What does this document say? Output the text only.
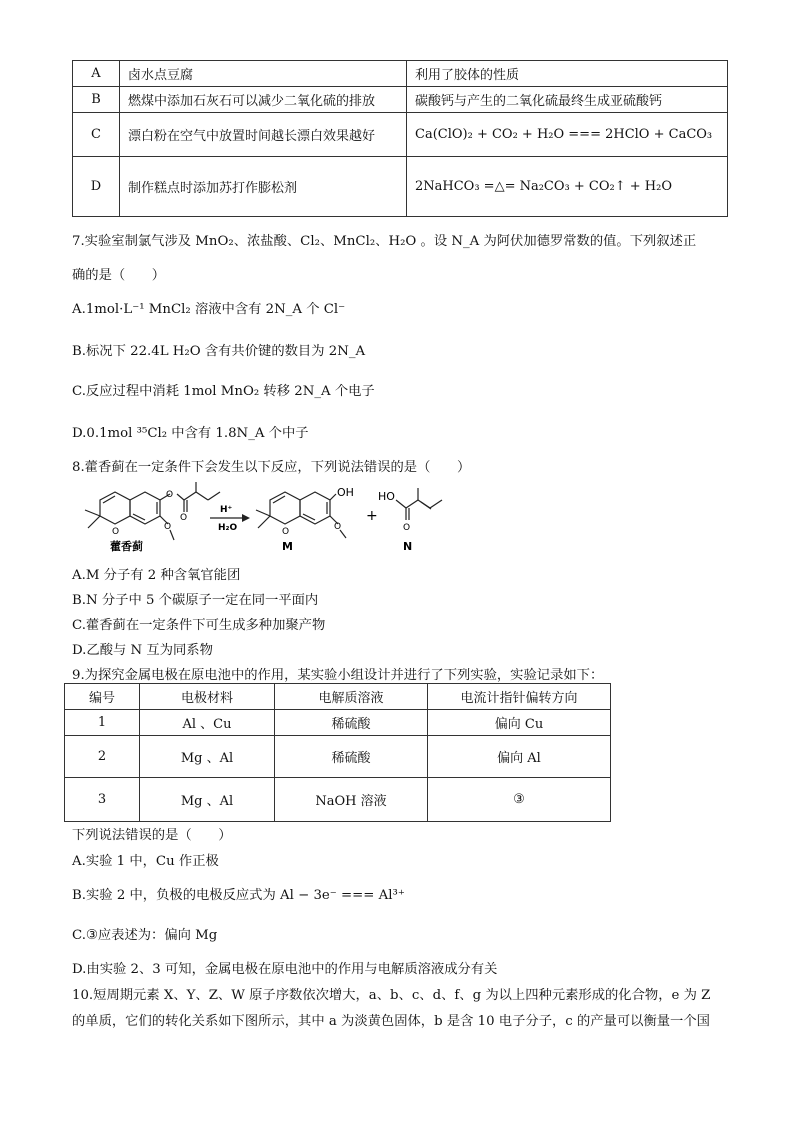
A	卤水点豆腐	利用了胶体的性质
B	燃煤中添加石灰石可以减少二氧化硫的排放	碳酸钙与产生的二氧化硫最终生成亚硫酸钙
C	漂白粉在空气中放置时间越长漂白效果越好	Ca(ClO)₂ + CO₂ + H₂O === 2HClO + CaCO₃
D	制作糕点时添加苏打作膨松剂	2NaHCO₃ =△= Na₂CO₃ + CO₂↑ + H₂O
7.实验室制氯气涉及 MnO₂、浓盐酸、Cl₂、MnCl₂、H₂O 。设 N_A 为阿伏加德罗常数的值。下列叙述正
确的是（　　）
A.1mol·L⁻¹ MnCl₂ 溶液中含有 2N_A 个 Cl⁻
B.标况下 22.4L H₂O 含有共价键的数目为 2N_A
C.反应过程中消耗 1mol MnO₂ 转移 2N_A 个电子
D.0.1mol ³⁵Cl₂ 中含有 1.8N_A 个中子
8.藿香蓟在一定条件下会发生以下反应，下列说法错误的是（　　）
O
O
O
O
藿香蓟
H⁺
H₂O
OH
O
O
M
+
HO
O
N
A.M 分子有 2 种含氧官能团
B.N 分子中 5 个碳原子一定在同一平面内
C.藿香蓟在一定条件下可生成多种加聚产物
D.乙酸与 N 互为同系物
9.为探究金属电极在原电池中的作用，某实验小组设计并进行了下列实验，实验记录如下：
编号	电极材料	电解质溶液	电流计指针偏转方向
1	Al 、Cu	稀硫酸	偏向 Cu
2	Mg 、Al	稀硫酸	偏向 Al
3	Mg 、Al	NaOH 溶液	③
下列说法错误的是（　　）
A.实验 1 中，Cu 作正极
B.实验 2 中，负极的电极反应式为 Al − 3e⁻ === Al³⁺
C.③应表述为：偏向 Mg
D.由实验 2、3 可知，金属电极在原电池中的作用与电解质溶液成分有关
10.短周期元素 X、Y、Z、W 原子序数依次增大，a、b、c、d、f、g 为以上四种元素形成的化合物，e 为 Z
的单质，它们的转化关系如下图所示，其中 a 为淡黄色固体，b 是含 10 电子分子，c 的产量可以衡量一个国
